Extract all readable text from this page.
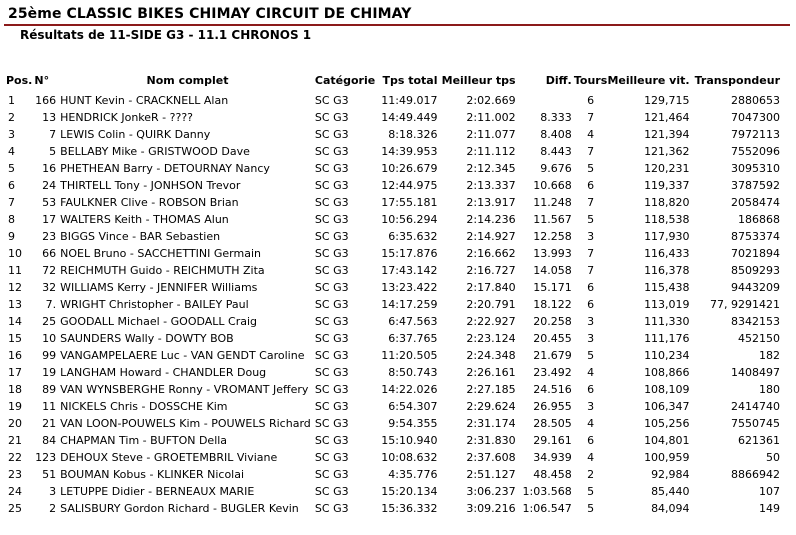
25ème CLASSIC BIKES CHIMAY CIRCUIT DE CHIMAY
Résultats de 11-SIDE G3 - 11.1 CHRONOS 1
Pos.	N°	Nom complet	Catégorie	Tps total	Meilleur tps	Diff.	Tours	Meilleure vit.	Transpondeur
1	166	HUNT Kevin - CRACKNELL Alan	SC G3	11:49.017	2:02.669		6	129,715	2880653
2	13	HENDRICK JonkeR - ????	SC G3	14:49.449	2:11.002	8.333	7	121,464	7047300
3	7	LEWIS Colin - QUIRK Danny	SC G3	8:18.326	2:11.077	8.408	4	121,394	7972113
4	5	BELLABY Mike - GRISTWOOD Dave	SC G3	14:39.953	2:11.112	8.443	7	121,362	7552096
5	16	PHETHEAN Barry - DETOURNAY Nancy	SC G3	10:26.679	2:12.345	9.676	5	120,231	3095310
6	24	THIRTELL Tony - JONHSON Trevor	SC G3	12:44.975	2:13.337	10.668	6	119,337	3787592
7	53	FAULKNER Clive - ROBSON Brian	SC G3	17:55.181	2:13.917	11.248	7	118,820	2058474
8	17	WALTERS Keith - THOMAS Alun	SC G3	10:56.294	2:14.236	11.567	5	118,538	186868
9	23	BIGGS Vince - BAR Sebastien	SC G3	6:35.632	2:14.927	12.258	3	117,930	8753374
10	66	NOEL Bruno - SACCHETTINI Germain	SC G3	15:17.876	2:16.662	13.993	7	116,433	7021894
11	72	REICHMUTH Guido - REICHMUTH Zita	SC G3	17:43.142	2:16.727	14.058	7	116,378	8509293
12	32	WILLIAMS Kerry - JENNIFER Williams	SC G3	13:23.422	2:17.840	15.171	6	115,438	9443209
13	7.	WRIGHT Christopher - BAILEY Paul	SC G3	14:17.259	2:20.791	18.122	6	113,019	77, 9291421
14	25	GOODALL Michael - GOODALL Craig	SC G3	6:47.563	2:22.927	20.258	3	111,330	8342153
15	10	SAUNDERS Wally - DOWTY BOB	SC G3	6:37.765	2:23.124	20.455	3	111,176	452150
16	99	VANGAMPELAERE Luc - VAN GENDT Caroline	SC G3	11:20.505	2:24.348	21.679	5	110,234	182
17	19	LANGHAM Howard - CHANDLER Doug	SC G3	8:50.743	2:26.161	23.492	4	108,866	1408497
18	89	VAN WYNSBERGHE Ronny - VROMANT Jeffery	SC G3	14:22.026	2:27.185	24.516	6	108,109	180
19	11	NICKELS Chris - DOSSCHE Kim	SC G3	6:54.307	2:29.624	26.955	3	106,347	2414740
20	21	VAN LOON-POUWELS Kim - POUWELS Richard	SC G3	9:54.355	2:31.174	28.505	4	105,256	7550745
21	84	CHAPMAN Tim - BUFTON Della	SC G3	15:10.940	2:31.830	29.161	6	104,801	621361
22	123	DEHOUX Steve - GROETEMBRIL Viviane	SC G3	10:08.632	2:37.608	34.939	4	100,959	50
23	51	BOUMAN Kobus - KLINKER Nicolai	SC G3	4:35.776	2:51.127	48.458	2	92,984	8866942
24	3	LETUPPE Didier - BERNEAUX MARIE	SC G3	15:20.134	3:06.237	1:03.568	5	85,440	107
25	2	SALISBURY Gordon Richard - BUGLER Kevin	SC G3	15:36.332	3:09.216	1:06.547	5	84,094	149
